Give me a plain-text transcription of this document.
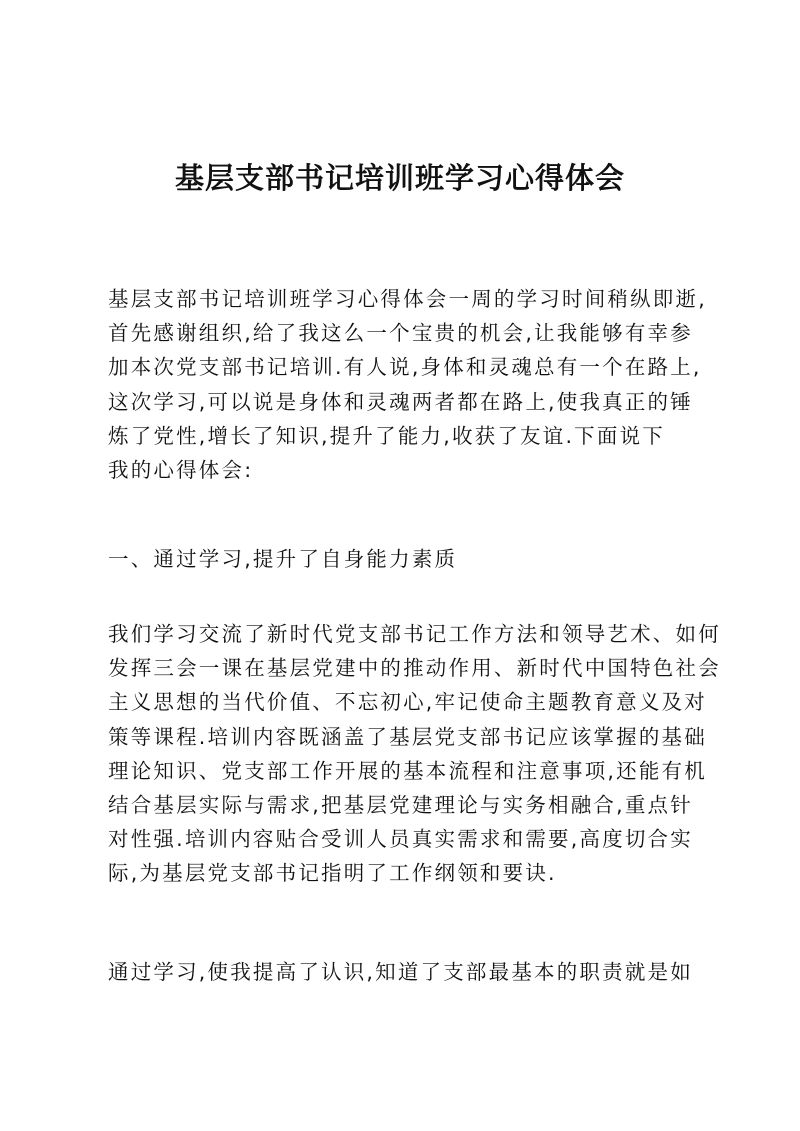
基层支部书记培训班学习心得体会
基层支部书记培训班学习心得体会一周的学习时间稍纵即逝,
首先感谢组织,给了我这么一个宝贵的机会,让我能够有幸参
加本次党支部书记培训.有人说,身体和灵魂总有一个在路上,
这次学习,可以说是身体和灵魂两者都在路上,使我真正的锤
炼了党性,增长了知识,提升了能力,收获了友谊.下面说下
我的心得体会:
一、通过学习,提升了自身能力素质
我们学习交流了新时代党支部书记工作方法和领导艺术、如何
发挥三会一课在基层党建中的推动作用、新时代中国特色社会
主义思想的当代价值、不忘初心,牢记使命主题教育意义及对
策等课程.培训内容既涵盖了基层党支部书记应该掌握的基础
理论知识、党支部工作开展的基本流程和注意事项,还能有机
结合基层实际与需求,把基层党建理论与实务相融合,重点针
对性强.培训内容贴合受训人员真实需求和需要,高度切合实
际,为基层党支部书记指明了工作纲领和要诀.
通过学习,使我提高了认识,知道了支部最基本的职责就是如
